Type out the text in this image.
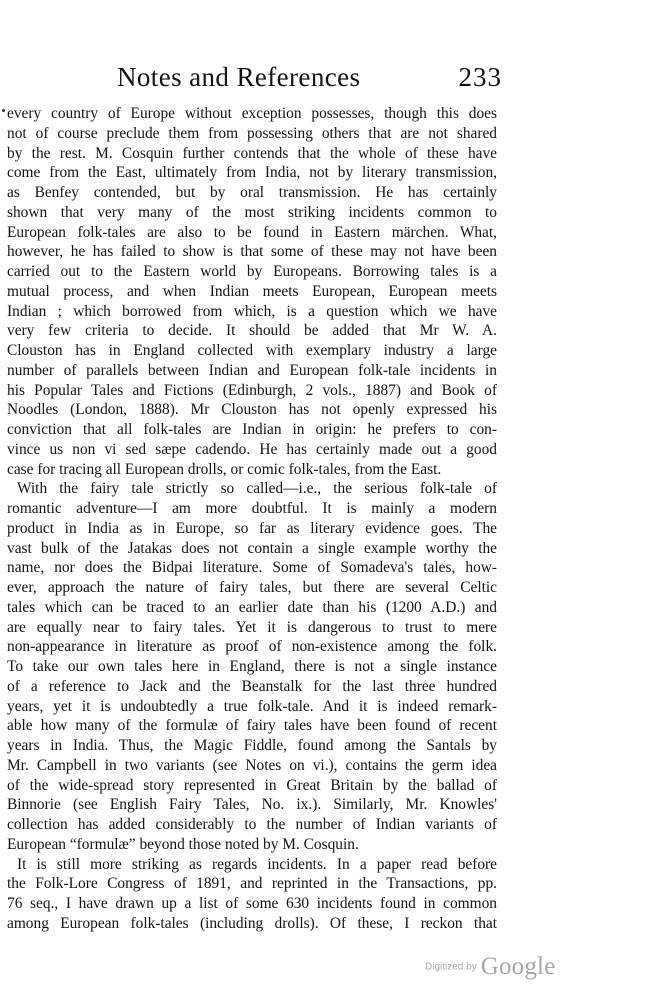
Notes and References	233
every country of Europe without exception possesses, though this does
not of course preclude them from possessing others that are not shared
by the rest. M. Cosquin further contends that the whole of these have
come from the East, ultimately from India, not by literary transmission,
as Benfey contended, but by oral transmission. He has certainly
shown that very many of the most striking incidents common to
European folk-tales are also to be found in Eastern märchen. What,
however, he has failed to show is that some of these may not have been
carried out to the Eastern world by Europeans. Borrowing tales is a
mutual process, and when Indian meets European, European meets
Indian ; which borrowed from which, is a question which we have
very few criteria to decide. It should be added that Mr W. A.
Clouston has in England collected with exemplary industry a large
number of parallels between Indian and European folk-tale incidents in
his Popular Tales and Fictions (Edinburgh, 2 vols., 1887) and Book of
Noodles (London, 1888). Mr Clouston has not openly expressed his
conviction that all folk-tales are Indian in origin: he prefers to con-
vince us non vi sed sæpe cadendo. He has certainly made out a good
case for tracing all European drolls, or comic folk-tales, from the East.
With the fairy tale strictly so called—i.e., the serious folk-tale of
romantic adventure—I am more doubtful. It is mainly a modern
product in India as in Europe, so far as literary evidence goes. The
vast bulk of the Jatakas does not contain a single example worthy the
name, nor does the Bidpai literature. Some of Somadeva's tales, how-
ever, approach the nature of fairy tales, but there are several Celtic
tales which can be traced to an earlier date than his (1200 A.D.) and
are equally near to fairy tales. Yet it is dangerous to trust to mere
non-appearance in literature as proof of non-existence among the folk.
To take our own tales here in England, there is not a single instance
of a reference to Jack and the Beanstalk for the last three hundred
years, yet it is undoubtedly a true folk-tale. And it is indeed remark-
able how many of the formulæ of fairy tales have been found of recent
years in India. Thus, the Magic Fiddle, found among the Santals by
Mr. Campbell in two variants (see Notes on vi.), contains the germ idea
of the wide-spread story represented in Great Britain by the ballad of
Binnorie (see English Fairy Tales, No. ix.). Similarly, Mr. Knowles'
collection has added considerably to the number of Indian variants of
European “formulæ” beyond those noted by M. Cosquin.
It is still more striking as regards incidents. In a paper read before
the Folk-Lore Congress of 1891, and reprinted in the Transactions, pp.
76 seq., I have drawn up a list of some 630 incidents found in common
among European folk-tales (including drolls). Of these, I reckon that
Digitized by Google
